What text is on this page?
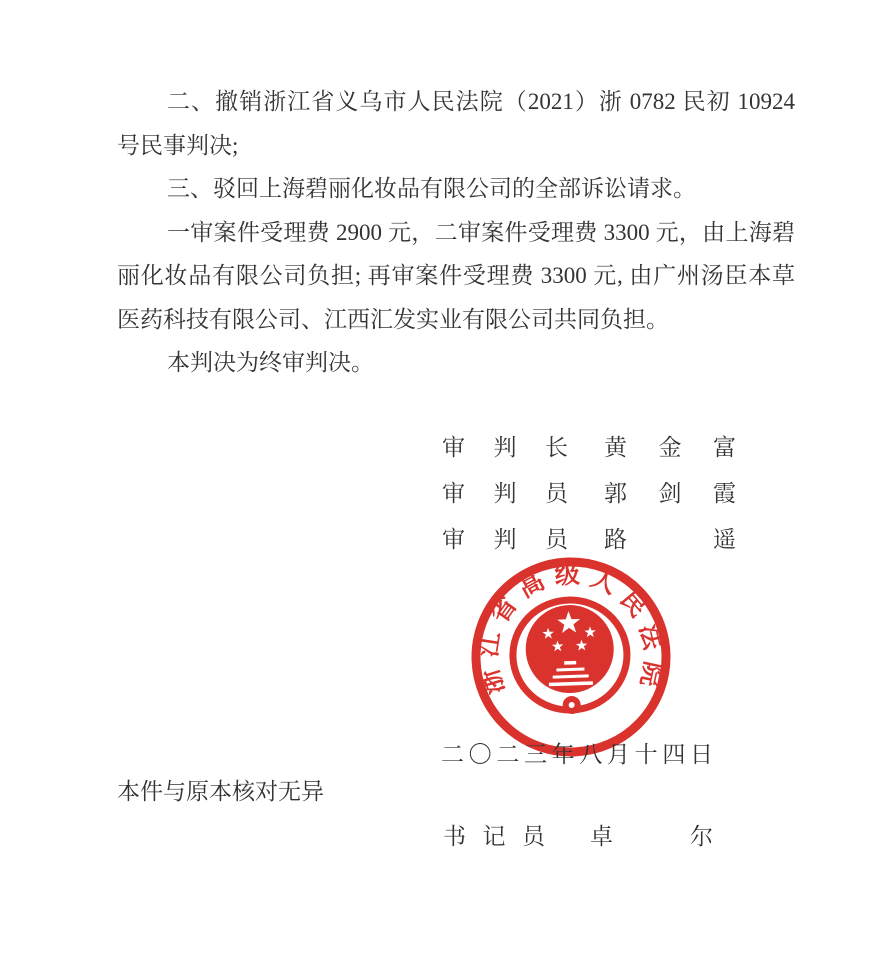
二、撤销浙江省义乌市人民法院（2021）浙 0782 民初 10924 号民事判决;

三、驳回上海碧丽化妆品有限公司的全部诉讼请求。

一审案件受理费 2900 元，二审案件受理费 3300 元，由上海碧丽化妆品有限公司负担; 再审案件受理费 3300 元, 由广州汤臣本草医药科技有限公司、江西汇发实业有限公司共同负担。

本判决为终审判决。

审判长 黄金富
审判员 郭剑霞
审判员 路遥
浙江省高级人民法院
二〇二三年八月十四日
本件与原本核对无异
书记员 卓尔
